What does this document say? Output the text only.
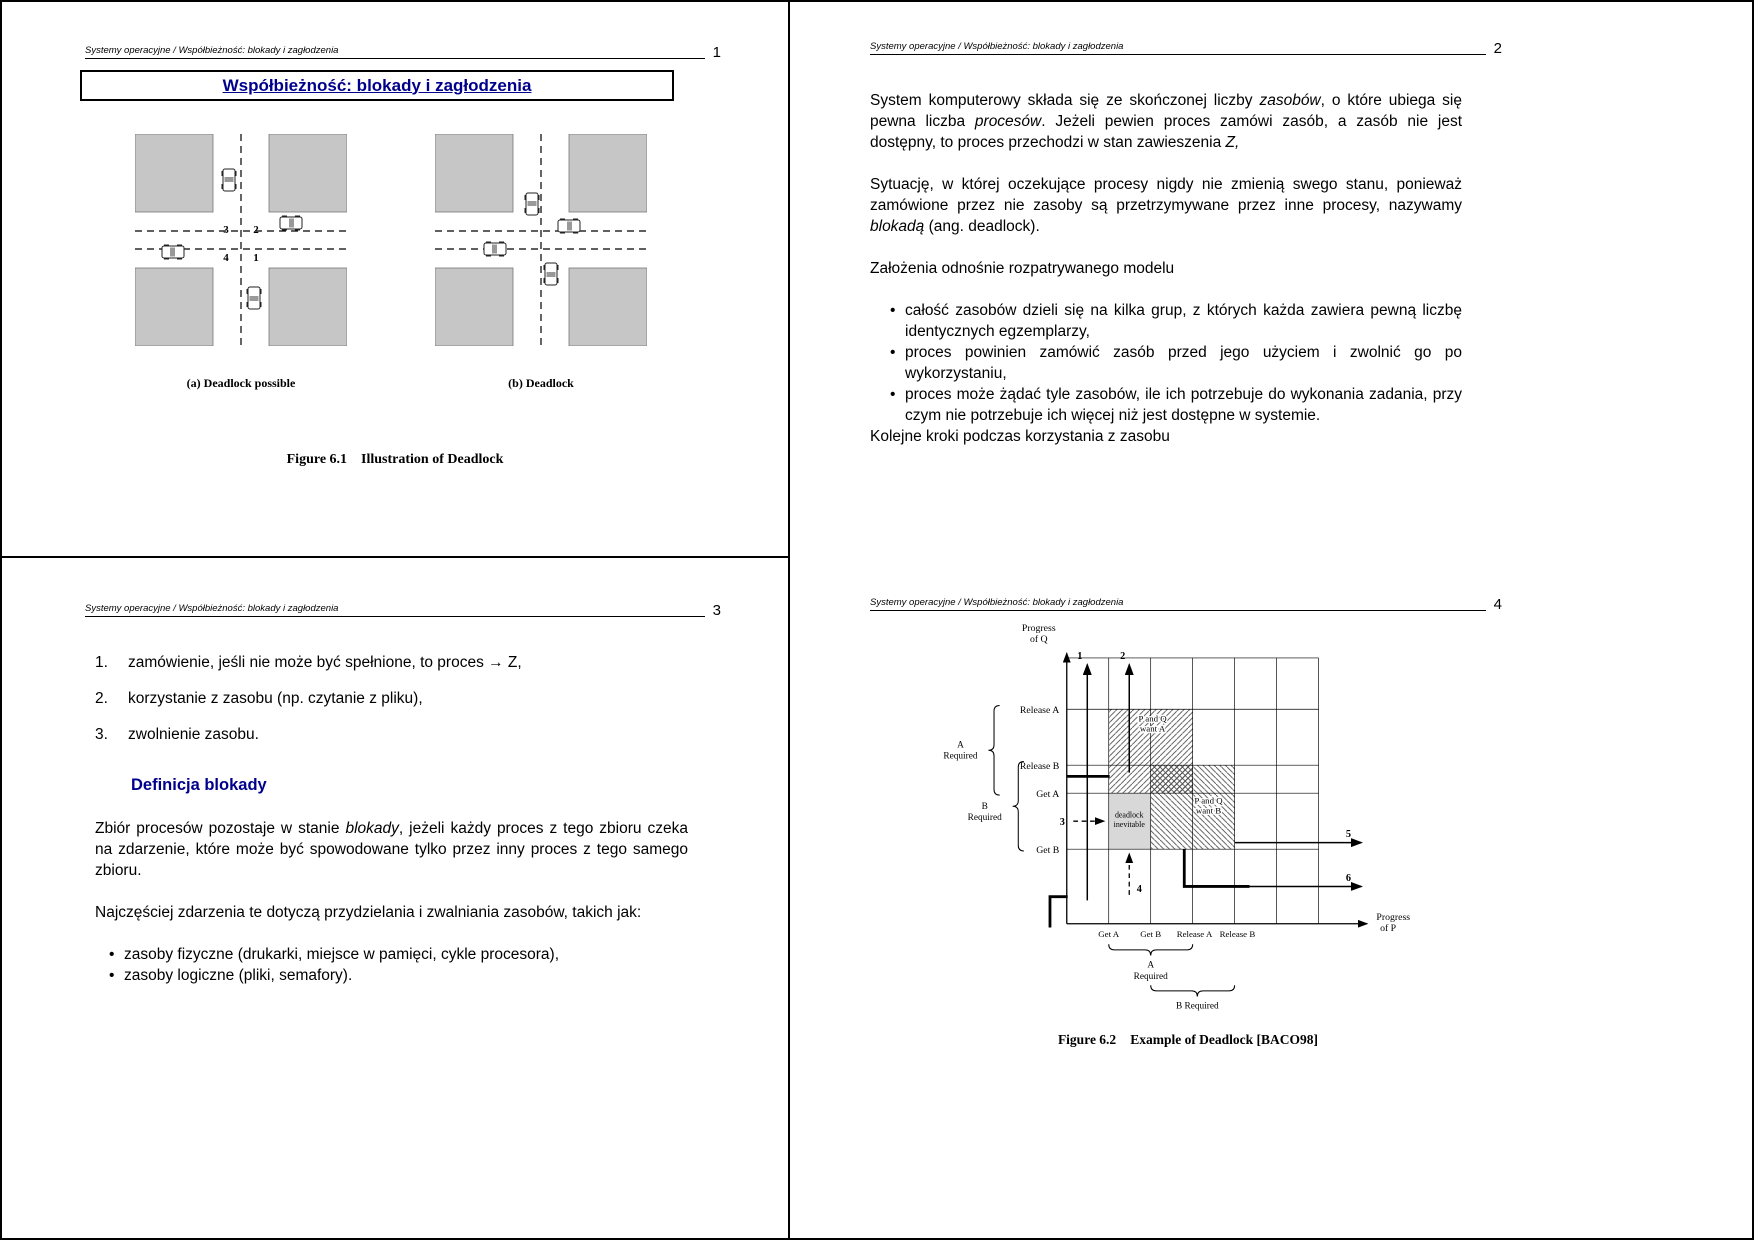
Systemy operacyjne / Współbieżność: blokady i zagłodzenia	1
Współbieżność: blokady i zagłodzenia
3 2
4 1
(a) Deadlock possible	(b) Deadlock
Figure 6.1 Illustration of Deadlock
Systemy operacyjne / Współbieżność: blokady i zagłodzenia	2

System komputerowy składa się ze skończonej liczby zasobów, o które ubiega się pewna liczba procesów. Jeżeli pewien proces zamówi zasób, a zasób nie jest dostępny, to proces przechodzi w stan zawieszenia Z,

Sytuację, w której oczekujące procesy nigdy nie zmienią swego stanu, ponieważ zamówione przez nie zasoby są przetrzymywane przez inne procesy, nazywamy blokadą (ang. deadlock).

Założenia odnośnie rozpatrywanego modelu

• całość zasobów dzieli się na kilka grup, z których każda zawiera pewną liczbę identycznych egzemplarzy,
• proces powinien zamówić zasób przed jego użyciem i zwolnić go po wykorzystaniu,
• proces może żądać tyle zasobów, ile ich potrzebuje do wykonania zadania, przy czym nie potrzebuje ich więcej niż jest dostępne w systemie.

Kolejne kroki podczas korzystania z zasobu

Systemy operacyjne / Współbieżność: blokady i zagłodzenia	3
1.	zamówienie, jeśli nie może być spełnione, to proces → Z,
2.	korzystanie z zasobu (np. czytanie z pliku),
3.	zwolnienie zasobu.
Definicja blokady

Zbiór procesów pozostaje w stanie blokady, jeżeli każdy proces z tego zbioru czeka na zdarzenie, które może być spowodowane tylko przez inny proces z tego samego zbioru.

Najczęściej zdarzenia te dotyczą przydzielania i zwalniania zasobów, takich jak:

• zasoby fizyczne (drukarki, miejsce w pamięci, cykle procesora),
• zasoby logiczne (pliki, semafory).
Systemy operacyjne / Współbieżność: blokady i zagłodzenia	4
1	2
3
4
5
6
Progress
of Q
Progress
of P
Release A
Release B
Get A
Get B
Get A Get B Release A Release B
P and Q
want A
P and Q
want B
deadlock
inevitable
A
Required
B
Required
A
Required
B Required
Figure 6.2 Example of Deadlock [BACO98]
